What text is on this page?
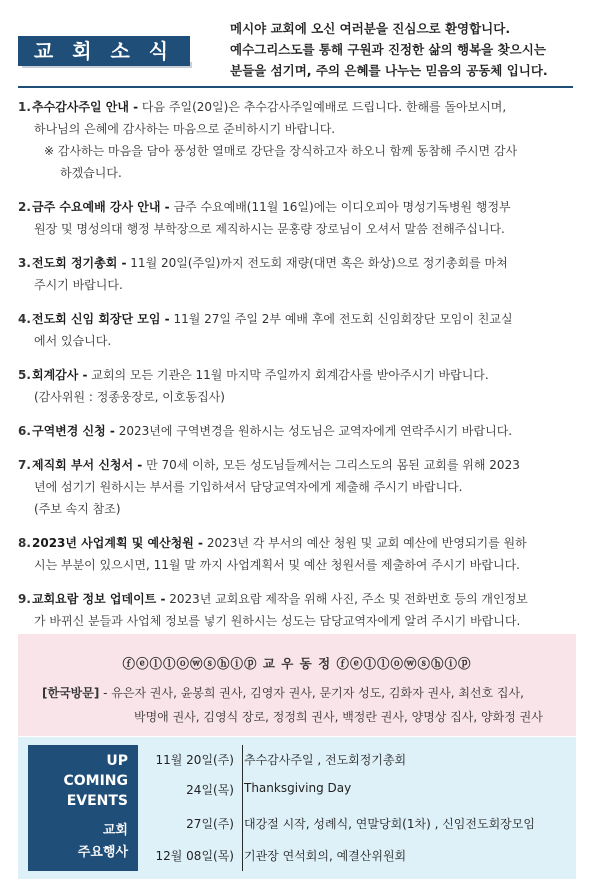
교 회 소 식
메시야 교회에 오신 여러분을 진심으로 환영합니다.
예수그리스도를 통해 구원과 진정한 삶의 행복을 찾으시는
분들을 섬기며, 주의 은혜를 나누는 믿음의 공동체 입니다.
1.추수감사주일 안내 - 다음 주일(20일)은 추수감사주일예배로 드립니다. 한해를 돌아보시며,
하나님의 은혜에 감사하는 마음으로 준비하시기 바랍니다.
※ 감사하는 마음을 담아 풍성한 열매로 강단을 장식하고자 하오니 함께 동참해 주시면 감사
하겠습니다.
2.금주 수요예배 강사 안내 - 금주 수요예배(11월 16일)에는 이디오피아 명성기독병원 행정부
원장 및 명성의대 행정 부학장으로 제직하시는 문홍량 장로님이 오셔서 말씀 전해주십니다.
3.전도회 정기총회 - 11월 20일(주일)까지 전도회 재량(대면 혹은 화상)으로 정기총회를 마쳐
주시기 바랍니다.
4.전도회 신임 회장단 모임 - 11월 27일 주일 2부 예배 후에 전도회 신임회장단 모임이 친교실
에서 있습니다.
5.회계감사 - 교회의 모든 기관은 11월 마지막 주일까지 회계감사를 받아주시기 바랍니다.
(감사위원 : 정종웅장로, 이호동집사)
6.구역변경 신청 - 2023년에 구역변경을 원하시는 성도님은 교역자에게 연락주시기 바랍니다.
7.제직회 부서 신청서 - 만 70세 이하, 모든 성도님들께서는 그리스도의 몸된 교회를 위해 2023
년에 섬기기 원하시는 부서를 기입하셔서 담당교역자에게 제출해 주시기 바랍니다.
(주보 속지 참조)
8.2023년 사업계획 및 예산청원 - 2023년 각 부서의 예산 청원 및 교회 예산에 반영되기를 원하
시는 부분이 있으시면, 11월 말 까지 사업계획서 및 예산 청원서를 제출하여 주시기 바랍니다.
9.교회요람 정보 업데이트 - 2023년 교회요람 제작을 위해 사진, 주소 및 전화번호 등의 개인정보
가 바뀌신 분들과 사업체 정보를 넣기 원하시는 성도는 담당교역자에게 알려 주시기 바랍니다.
ⓕⓔⓛⓛⓞⓦⓢⓗⓘⓟ 교 우 동 정 ⓕⓔⓛⓛⓞⓦⓢⓗⓘⓟ
[한국방문] - 유은자 권사, 윤봉희 권사, 김영자 권사, 문기자 성도, 김화자 권사, 최선호 집사,
박명애 권사, 김영식 장로, 정정희 권사, 백정란 권사, 양명상 집사, 양화정 권사
UP
COMING
EVENTS
교회
주요행사
11월 20일(주) 추수감사주일 , 전도회정기총회
24일(목) Thanksgiving Day
27일(주) 대강절 시작, 성례식, 연말당회(1차) , 신임전도회장모임
12월 08일(목) 기관장 연석회의, 예결산위원회
